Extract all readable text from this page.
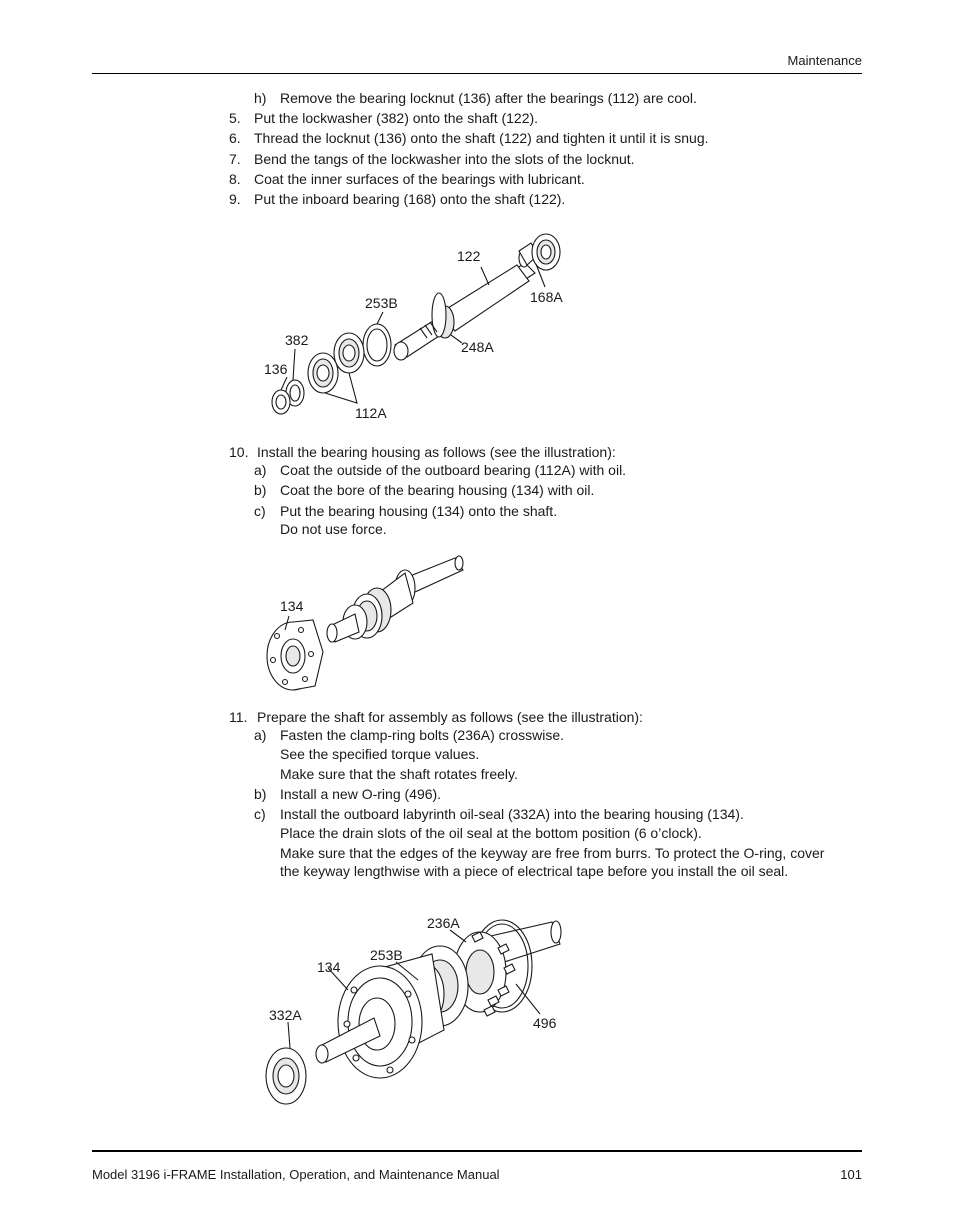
Maintenance
h) Remove the bearing locknut (136) after the bearings (112) are cool.
5. Put the lockwasher (382) onto the shaft (122).
6. Thread the locknut (136) onto the shaft (122) and tighten it until it is snug.
7. Bend the tangs of the lockwasher into the slots of the locknut.
8. Coat the inner surfaces of the bearings with lubricant.
9. Put the inboard bearing (168) onto the shaft (122).
122
168A
253B
248A
382
136
112A
10. Install the bearing housing as follows (see the illustration):
a) Coat the outside of the outboard bearing (112A) with oil.
b) Coat the bore of the bearing housing (134) with oil.
c) Put the bearing housing (134) onto the shaft.
Do not use force.
134
11. Prepare the shaft for assembly as follows (see the illustration):
a) Fasten the clamp-ring bolts (236A) crosswise.
See the specified torque values.
Make sure that the shaft rotates freely.
b) Install a new O-ring (496).
c) Install the outboard labyrinth oil-seal (332A) into the bearing housing (134).
Place the drain slots of the oil seal at the bottom position (6 o’clock).
Make sure that the edges of the keyway are free from burrs. To protect the O-ring, cover the keyway lengthwise with a piece of electrical tape before you install the oil seal.
236A
253B
134
332A	496
Model 3196 i-FRAME Installation, Operation, and Maintenance Manual	101
